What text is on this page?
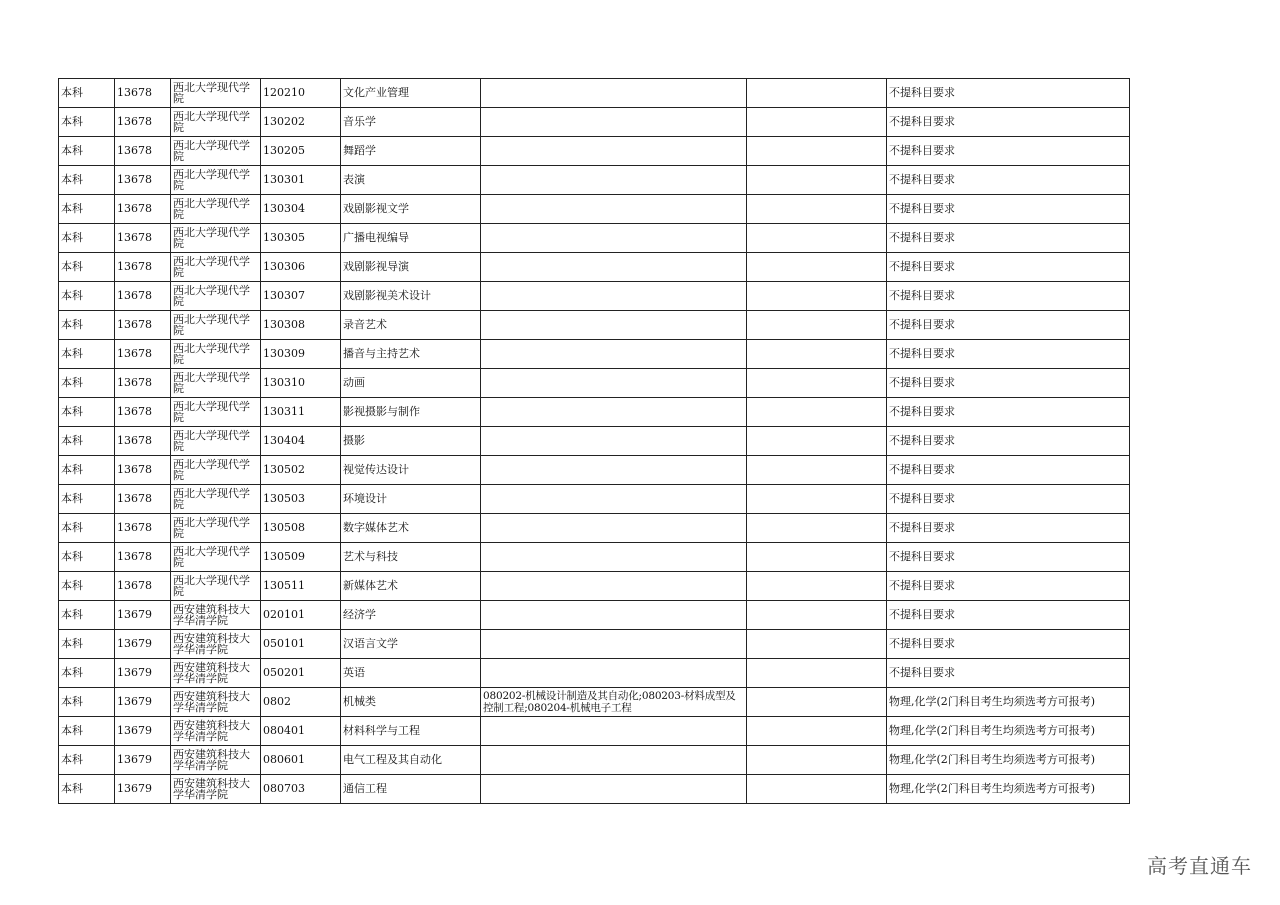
本科	13678	西北大学现代学院	120210	文化产业管理			不提科目要求
本科	13678	西北大学现代学院	130202	音乐学			不提科目要求
本科	13678	西北大学现代学院	130205	舞蹈学			不提科目要求
本科	13678	西北大学现代学院	130301	表演			不提科目要求
本科	13678	西北大学现代学院	130304	戏剧影视文学			不提科目要求
本科	13678	西北大学现代学院	130305	广播电视编导			不提科目要求
本科	13678	西北大学现代学院	130306	戏剧影视导演			不提科目要求
本科	13678	西北大学现代学院	130307	戏剧影视美术设计			不提科目要求
本科	13678	西北大学现代学院	130308	录音艺术			不提科目要求
本科	13678	西北大学现代学院	130309	播音与主持艺术			不提科目要求
本科	13678	西北大学现代学院	130310	动画			不提科目要求
本科	13678	西北大学现代学院	130311	影视摄影与制作			不提科目要求
本科	13678	西北大学现代学院	130404	摄影			不提科目要求
本科	13678	西北大学现代学院	130502	视觉传达设计			不提科目要求
本科	13678	西北大学现代学院	130503	环境设计			不提科目要求
本科	13678	西北大学现代学院	130508	数字媒体艺术			不提科目要求
本科	13678	西北大学现代学院	130509	艺术与科技			不提科目要求
本科	13678	西北大学现代学院	130511	新媒体艺术			不提科目要求
本科	13679	西安建筑科技大学华清学院	020101	经济学			不提科目要求
本科	13679	西安建筑科技大学华清学院	050101	汉语言文学			不提科目要求
本科	13679	西安建筑科技大学华清学院	050201	英语			不提科目要求
本科	13679	西安建筑科技大学华清学院	0802	机械类	080202-机械设计制造及其自动化;080203-材料成型及控制工程;080204-机械电子工程		物理,化学(2门科目考生均须选考方可报考)
本科	13679	西安建筑科技大学华清学院	080401	材料科学与工程			物理,化学(2门科目考生均须选考方可报考)
本科	13679	西安建筑科技大学华清学院	080601	电气工程及其自动化			物理,化学(2门科目考生均须选考方可报考)
本科	13679	西安建筑科技大学华清学院	080703	通信工程			物理,化学(2门科目考生均须选考方可报考)
高考直通车
